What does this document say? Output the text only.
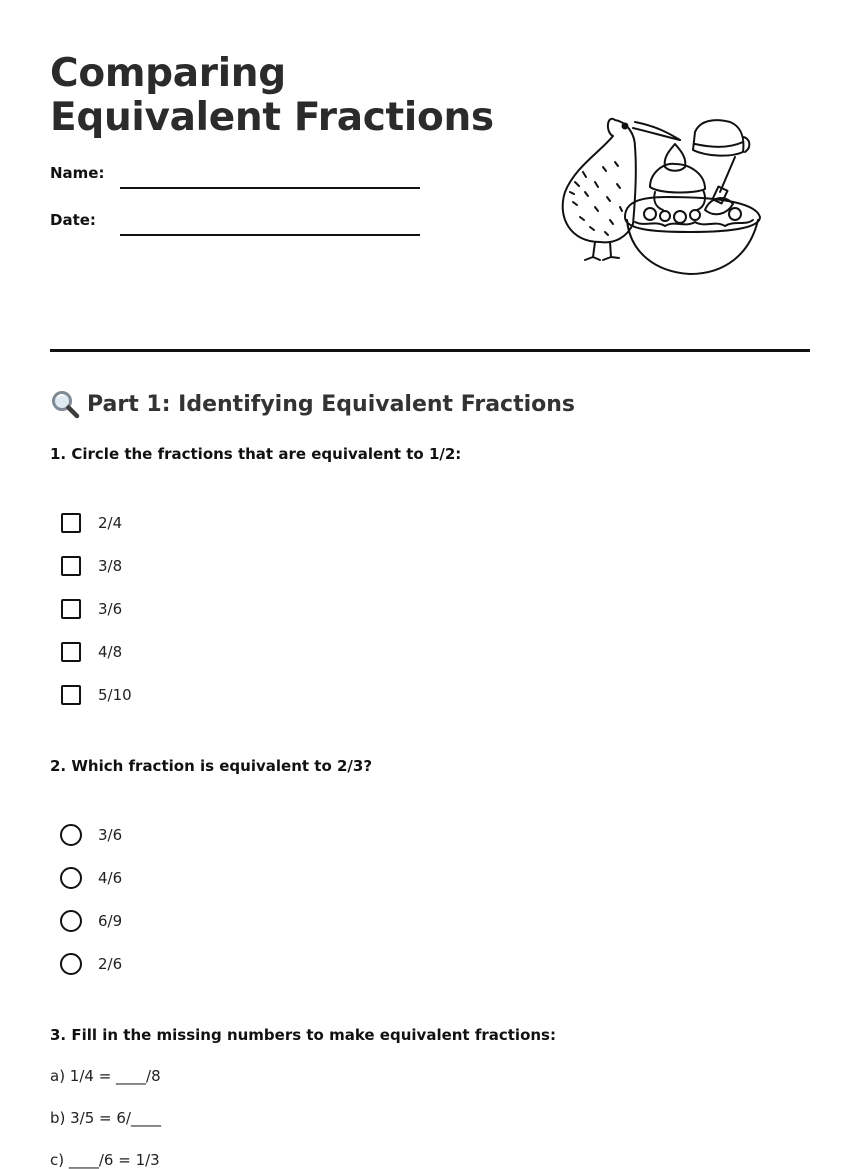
Comparing Equivalent Fractions
Name:
Date:
Part 1: Identifying Equivalent Fractions

1. Circle the fractions that are equivalent to 1/2:

2/4
3/8
3/6
4/8
5/10

2. Which fraction is equivalent to 2/3?

3/6
4/6
6/9
2/6

3. Fill in the missing numbers to make equivalent fractions:

a) 1/4 = ____/8
b) 3/5 = 6/____
c) ____/6 = 1/3
